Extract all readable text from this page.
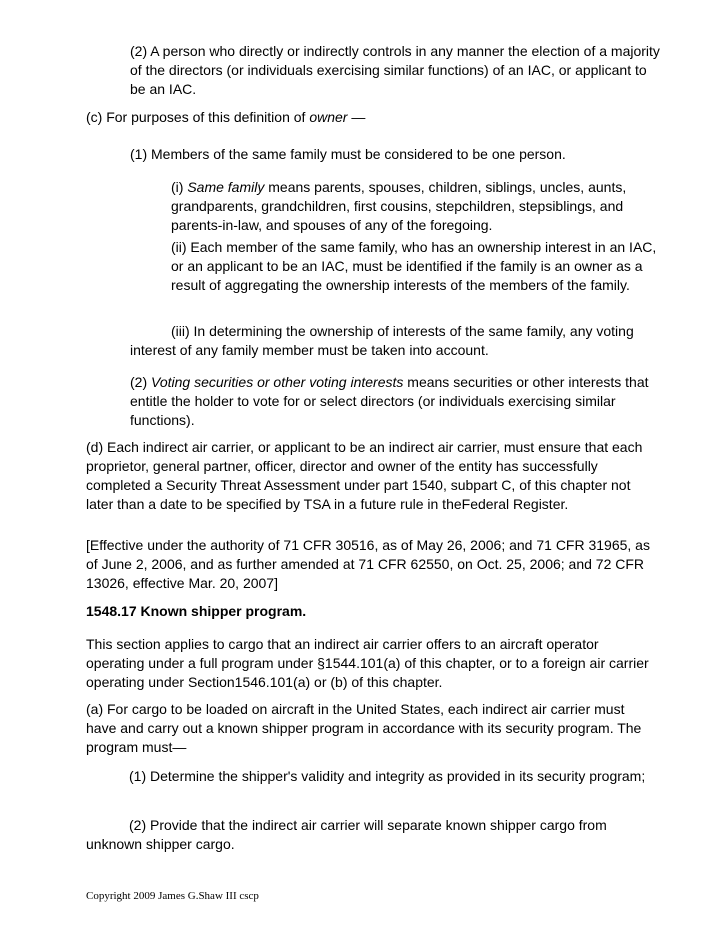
(2) A person who directly or indirectly controls in any manner the election of a majority of the directors (or individuals exercising similar functions) of an IAC, or applicant to be an IAC.

(c) For purposes of this definition of owner —

(1) Members of the same family must be considered to be one person.

(i) Same family means parents, spouses, children, siblings, uncles, aunts, grandparents, grandchildren, first cousins, stepchildren, stepsiblings, and parents-in-law, and spouses of any of the foregoing.

(ii) Each member of the same family, who has an ownership interest in an IAC, or an applicant to be an IAC, must be identified if the family is an owner as a result of aggregating the ownership interests of the members of the family.

(iii) In determining the ownership of interests of the same family, any voting interest of any family member must be taken into account.

(2) Voting securities or other voting interests means securities or other interests that entitle the holder to vote for or select directors (or individuals exercising similar functions).

(d) Each indirect air carrier, or applicant to be an indirect air carrier, must ensure that each proprietor, general partner, officer, director and owner of the entity has successfully completed a Security Threat Assessment under part 1540, subpart C, of this chapter not later than a date to be specified by TSA in a future rule in theFederal Register.

[Effective under the authority of 71 CFR 30516, as of May 26, 2006; and 71 CFR 31965, as of June 2, 2006, and as further amended at 71 CFR 62550, on Oct. 25, 2006; and 72 CFR 13026, effective Mar. 20, 2007]

1548.17 Known shipper program.

This section applies to cargo that an indirect air carrier offers to an aircraft operator operating under a full program under §1544.101(a) of this chapter, or to a foreign air carrier operating under Section1546.101(a) or (b) of this chapter.

(a) For cargo to be loaded on aircraft in the United States, each indirect air carrier must have and carry out a known shipper program in accordance with its security program. The program must—

(1) Determine the shipper's validity and integrity as provided in its security program;

(2) Provide that the indirect air carrier will separate known shipper cargo from unknown shipper cargo.

Copyright 2009 James G.Shaw III cscp
